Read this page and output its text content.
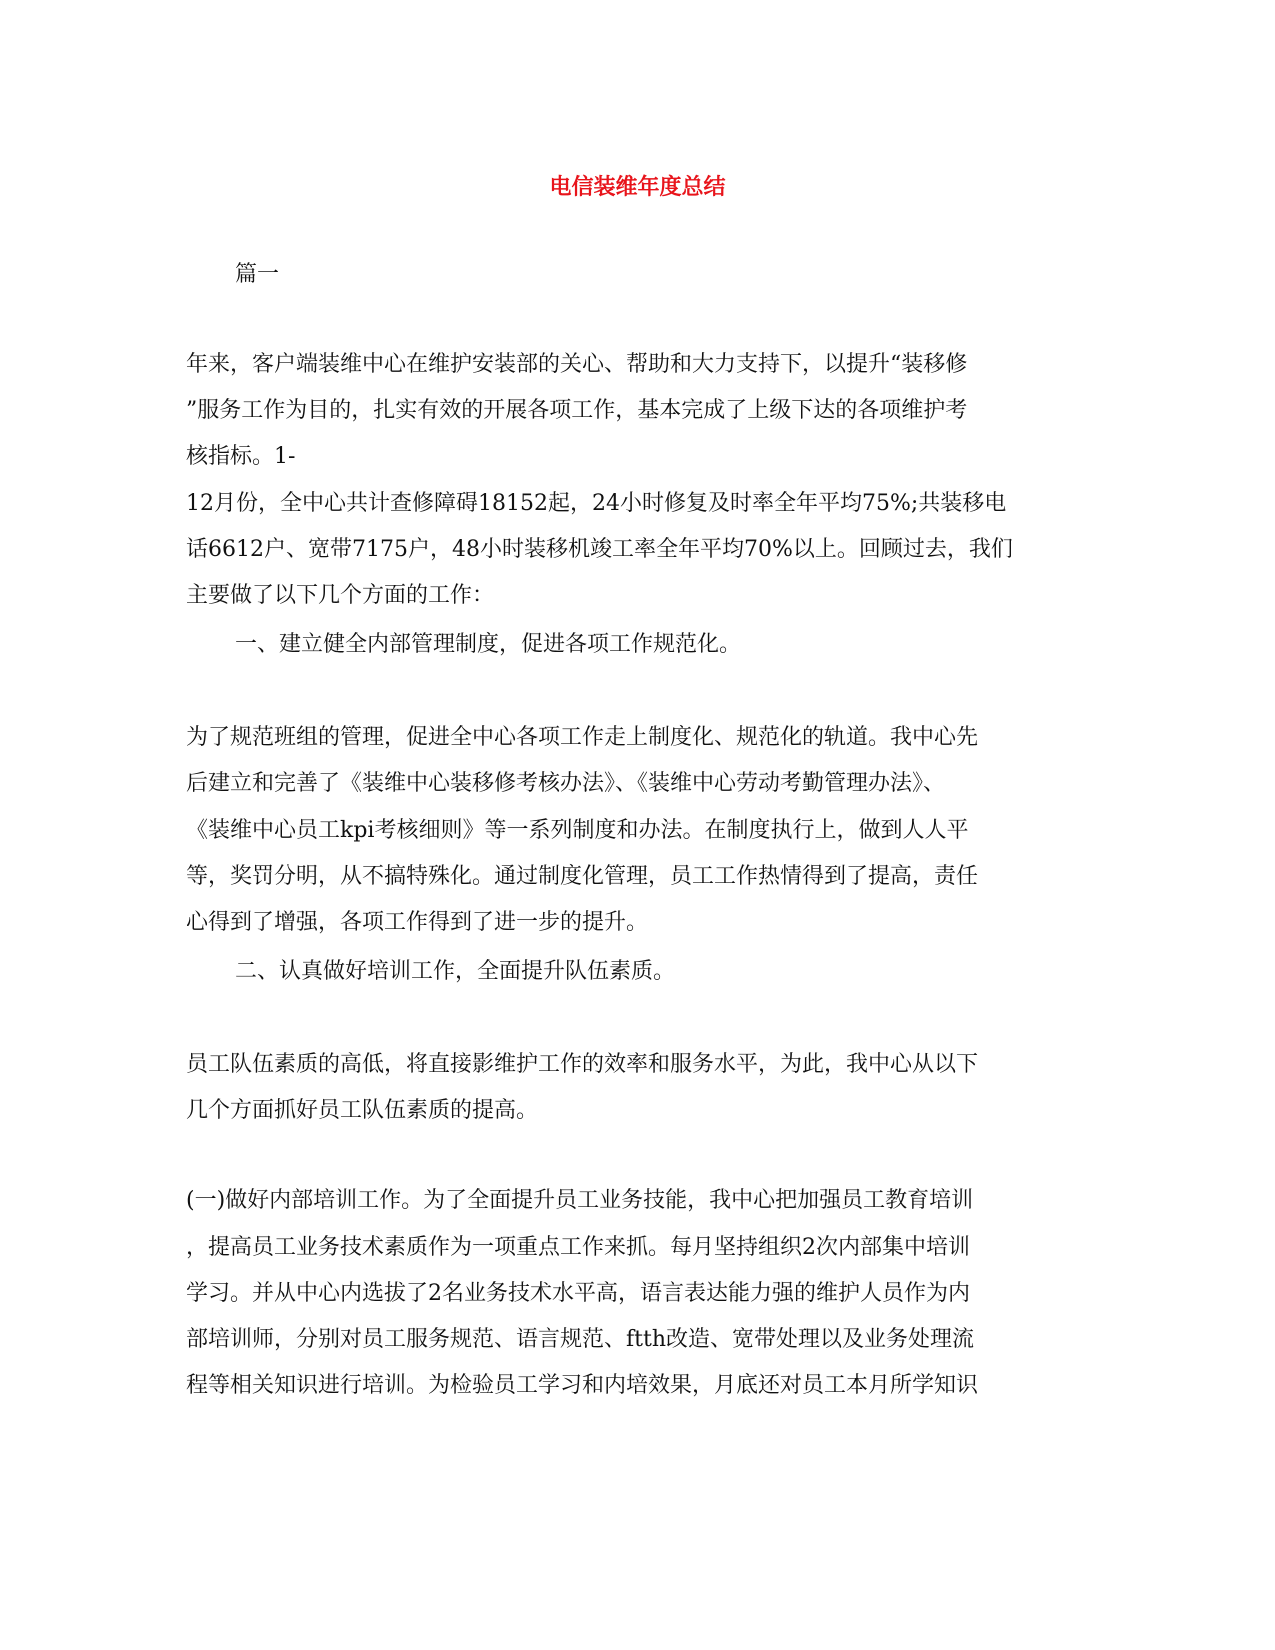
电信装维年度总结

篇一

年来，客户端装维中心在维护安装部的关心、帮助和大力支持下，以提升“装移修

”服务工作为目的，扎实有效的开展各项工作，基本完成了上级下达的各项维护考

核指标。1-

12月份，全中心共计查修障碍18152起，24小时修复及时率全年平均75%;共装移电

话6612户、宽带7175户，48小时装移机竣工率全年平均70%以上。回顾过去，我们

主要做了以下几个方面的工作：

一、建立健全内部管理制度，促进各项工作规范化。

为了规范班组的管理，促进全中心各项工作走上制度化、规范化的轨道。我中心先

后建立和完善了《装维中心装移修考核办法》、《装维中心劳动考勤管理办法》、

《装维中心员工kpi考核细则》等一系列制度和办法。在制度执行上，做到人人平

等，奖罚分明，从不搞特殊化。通过制度化管理，员工工作热情得到了提高，责任

心得到了增强，各项工作得到了进一步的提升。

二、认真做好培训工作，全面提升队伍素质。

员工队伍素质的高低，将直接影维护工作的效率和服务水平，为此，我中心从以下

几个方面抓好员工队伍素质的提高。

(一)做好内部培训工作。为了全面提升员工业务技能，我中心把加强员工教育培训

，提高员工业务技术素质作为一项重点工作来抓。每月坚持组织2次内部集中培训

学习。并从中心内选拔了2名业务技术水平高，语言表达能力强的维护人员作为内

部培训师，分别对员工服务规范、语言规范、ftth改造、宽带处理以及业务处理流

程等相关知识进行培训。为检验员工学习和内培效果，月底还对员工本月所学知识
